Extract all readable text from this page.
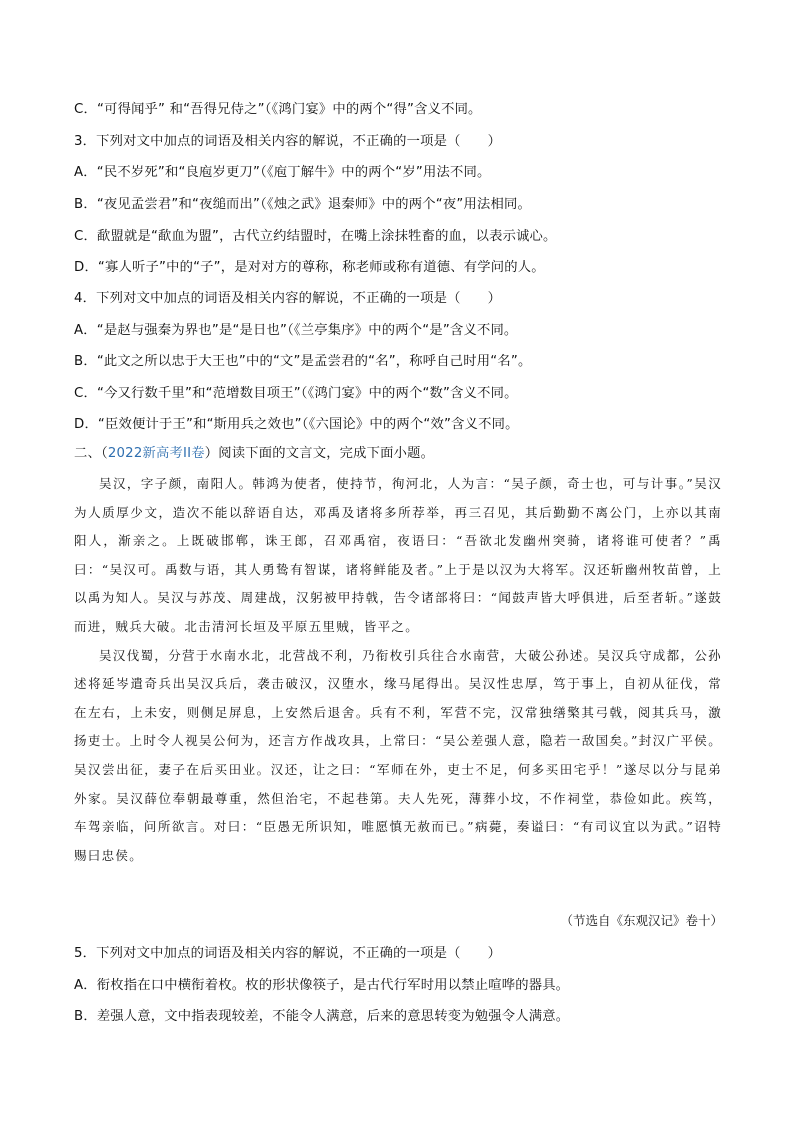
C．“可得闻乎” 和“吾得兄侍之”（《鸿门宴》中的两个“得”含义不同。
3．下列对文中加点的词语及相关内容的解说，不正确的一项是（　　）
A．“民不岁死”和“良庖岁更刀”（《庖丁解牛》中的两个“岁”用法不同。
B．“夜见孟尝君”和“夜缒而出”（《烛之武》退秦师》中的两个“夜”用法相同。
C．歃盟就是“歃血为盟”，古代立约结盟时，在嘴上涂抹牲畜的血，以表示诚心。
D．“寡人听子”中的“子”，是对对方的尊称，称老师或称有道德、有学问的人。
4．下列对文中加点的词语及相关内容的解说，不正确的一项是（　　）
A．“是赵与强秦为界也”是“是日也”（《兰亭集序》中的两个“是”含义不同。
B．“此文之所以忠于大王也”中的“文”是孟尝君的“名”，称呼自己时用“名”。
C．“今又行数千里”和“范增数目项王”（《鸿门宴》中的两个“数”含义不同。
D．“臣效便计于王”和“斯用兵之效也”（《六国论》中的两个“效”含义不同。
二、（2022新高考II卷）阅读下面的文言文，完成下面小题。

吴汉，字子颜，南阳人。韩鸿为使者，使持节，徇河北，人为言：“吴子颜，奇士也，可与计事。”吴汉为人质厚少文，造次不能以辞语自达，邓禹及诸将多所荐举，再三召见，其后勤勤不离公门，上亦以其南阳人，渐亲之。上既破邯郸，诛王郎，召邓禹宿，夜语曰：“吾欲北发幽州突骑，诸将谁可使者？”禹曰：“吴汉可。禹数与语，其人勇鸷有智谋，诸将鲜能及者。”上于是以汉为大将军。汉还斩幽州牧苗曾，上以禹为知人。吴汉与苏茂、周建战，汉躬被甲持戟，告令诸部将曰：“闻鼓声皆大呼俱进，后至者斩。”遂鼓而进，贼兵大破。北击清河长垣及平原五里贼，皆平之。

吴汉伐蜀，分营于水南水北，北营战不利，乃衔枚引兵往合水南营，大破公孙述。吴汉兵守成都，公孙述将延岑遣奇兵出吴汉兵后，袭击破汉，汉堕水，缘马尾得出。吴汉性忠厚，笃于事上，自初从征伐，常在左右，上未安，则侧足屏息，上安然后退舍。兵有不利，军营不完，汉常独缮檠其弓戟，阅其兵马，激扬吏士。上时令人视吴公何为，还言方作战攻具，上常曰：“吴公差强人意，隐若一敌国矣。”封汉广平侯。吴汉尝出征，妻子在后买田业。汉还，让之曰：“军师在外，吏士不足，何多买田宅乎！”遂尽以分与昆弟外家。吴汉薛位奉朝最尊重，然但治宅，不起巷第。夫人先死，薄葬小坟，不作祠堂，恭俭如此。疾笃，车驾亲临，问所欲言。对曰：“臣愚无所识知，唯愿慎无赦而已。”病薨，奏谥曰：“有司议宜以为武。”诏特赐曰忠侯。

（节选自《东观汉记》卷十）
5．下列对文中加点的词语及相关内容的解说，不正确的一项是（　　）
A．衔枚指在口中横衔着枚。枚的形状像筷子，是古代行军时用以禁止喧哗的器具。
B．差强人意，文中指表现较差，不能令人满意，后来的意思转变为勉强令人满意。
